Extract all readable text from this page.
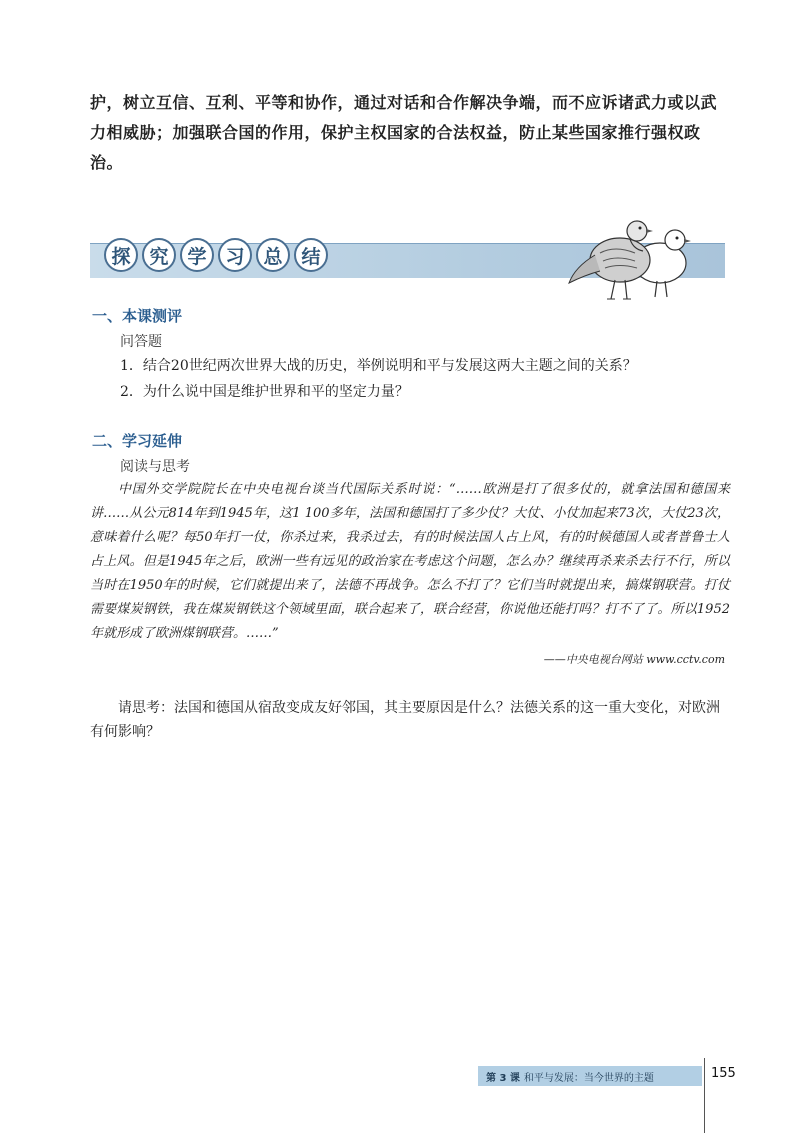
护，树立互信、互利、平等和协作，通过对话和合作解决争端，而不应诉诸武力或以武力相威胁；加强联合国的作用，保护主权国家的合法权益，防止某些国家推行强权政治。
探 究 学 习 总 结
一、本课测评
问答题
1．结合20世纪两次世界大战的历史，举例说明和平与发展这两大主题之间的关系？
2．为什么说中国是维护世界和平的坚定力量？
二、学习延伸
阅读与思考
中国外交学院院长在中央电视台谈当代国际关系时说：“……欧洲是打了很多仗的，就拿法国和德国来讲……从公元814年到1945年，这1 100多年，法国和德国打了多少仗？大仗、小仗加起来73次，大仗23次，意味着什么呢？每50年打一仗，你杀过来，我杀过去，有的时候法国人占上风，有的时候德国人或者普鲁士人占上风。但是1945年之后，欧洲一些有远见的政治家在考虑这个问题，怎么办？继续再杀来杀去行不行，所以当时在1950年的时候，它们就提出来了，法德不再战争。怎么不打了？它们当时就提出来，搞煤钢联营。打仗需要煤炭钢铁，我在煤炭钢铁这个领域里面，联合起来了，联合经营，你说他还能打吗？打不了了。所以1952年就形成了欧洲煤钢联营。……”
——中央电视台网站 www.cctv.com
请思考：法国和德国从宿敌变成友好邻国，其主要原因是什么？法德关系的这一重大变化，对欧洲有何影响？
第 3 课 和平与发展：当今世界的主题	155
